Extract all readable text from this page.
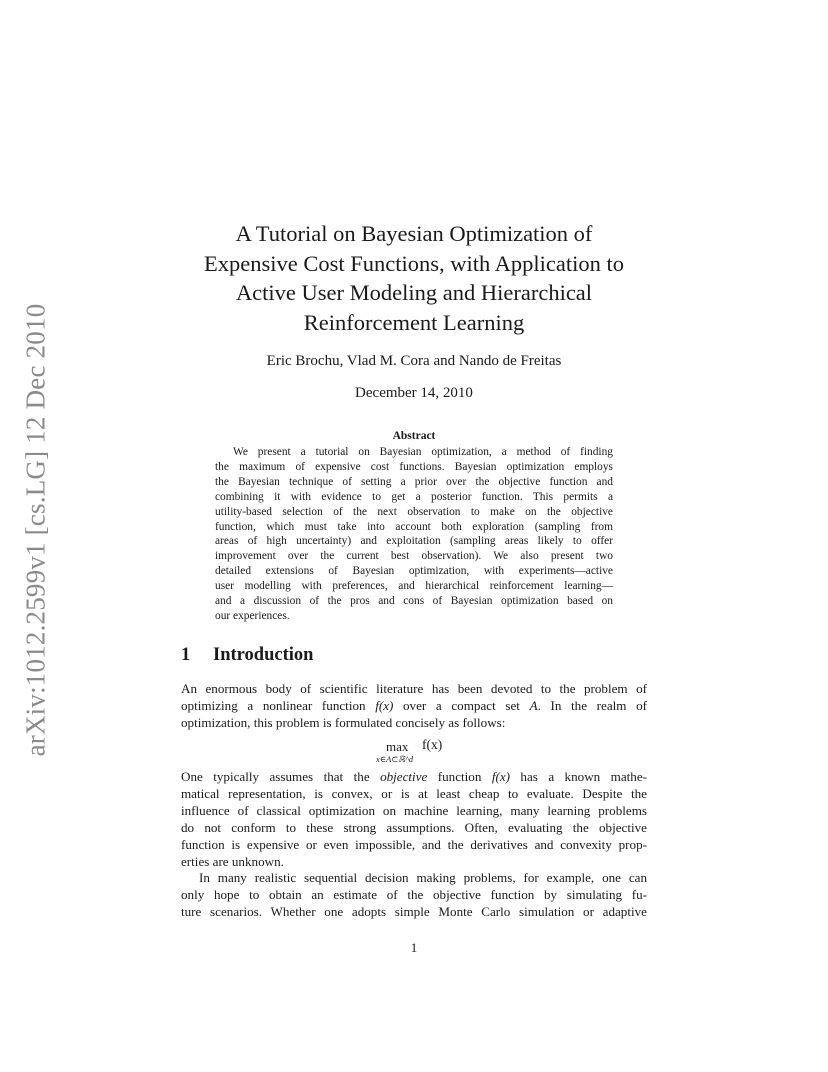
arXiv:1012.2599v1 [cs.LG] 12 Dec 2010
A Tutorial on Bayesian Optimization of
Expensive Cost Functions, with Application to
Active User Modeling and Hierarchical
Reinforcement Learning
Eric Brochu, Vlad M. Cora and Nando de Freitas
December 14, 2010
Abstract
We present a tutorial on Bayesian optimization, a method of finding
the maximum of expensive cost functions. Bayesian optimization employs
the Bayesian technique of setting a prior over the objective function and
combining it with evidence to get a posterior function. This permits a
utility-based selection of the next observation to make on the objective
function, which must take into account both exploration (sampling from
areas of high uncertainty) and exploitation (sampling areas likely to offer
improvement over the current best observation). We also present two
detailed extensions of Bayesian optimization, with experiments—active
user modelling with preferences, and hierarchical reinforcement learning—
and a discussion of the pros and cons of Bayesian optimization based on
our experiences.
1 Introduction
An enormous body of scientific literature has been devoted to the problem of
optimizing a nonlinear function f(x) over a compact set A. In the realm of
optimization, this problem is formulated concisely as follows:
max
x∈A⊂ℝ^d
f(x)
One typically assumes that the objective function f(x) has a known mathe-
matical representation, is convex, or is at least cheap to evaluate. Despite the
influence of classical optimization on machine learning, many learning problems
do not conform to these strong assumptions. Often, evaluating the objective
function is expensive or even impossible, and the derivatives and convexity prop-
erties are unknown.
In many realistic sequential decision making problems, for example, one can
only hope to obtain an estimate of the objective function by simulating fu-
ture scenarios. Whether one adopts simple Monte Carlo simulation or adaptive
1
